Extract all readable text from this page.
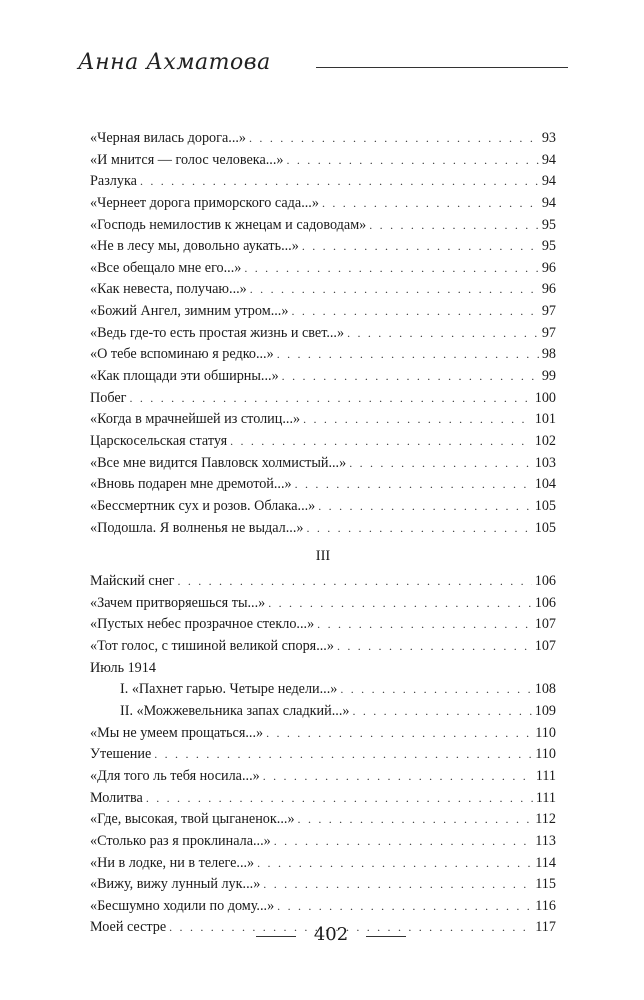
Анна Ахматова
«Черная вилась дорога...» . . .	93
«И мнится — голос человека...» . . .	94
Разлука . . .	94
«Чернеет дорога приморского сада...» . . .	94
«Господь немилостив к жнецам и садоводам» . . .	95
«Не в лесу мы, довольно аукать...» . . .	95
«Все обещало мне его...» . . .	96
«Как невеста, получаю...» . . .	96
«Божий Ангел, зимним утром...» . . .	97
«Ведь где-то есть простая жизнь и свет...» . . .	97
«О тебе вспоминаю я редко...» . . .	98
«Как площади эти обширны...» . . .	99
Побег . . .	100
«Когда в мрачнейшей из столиц...» . . .	101
Царскосельская статуя . . .	102
«Все мне видится Павловск холмистый...» . . .	103
«Вновь подарен мне дремотой...» . . .	104
«Бессмертник сух и розов. Облака...» . . .	105
«Подошла. Я волненья не выдал...» . . .	105
III
Майский снег . . .	106
«Зачем притворяешься ты...» . . .	106
«Пустых небес прозрачное стекло...» . . .	107
«Тот голос, с тишиной великой споря...» . . .	107
Июль 1914
I. «Пахнет гарью. Четыре недели...» . . .	108
II. «Можжевельника запах сладкий...» . . .	109
«Мы не умеем прощаться...» . . .	110
Утешение . . .	110
«Для того ль тебя носила...» . . .	111
Молитва . . .	111
«Где, высокая, твой цыганенок...» . . .	112
«Столько раз я проклинала...» . . .	113
«Ни в лодке, ни в телеге...» . . .	114
«Вижу, вижу лунный лук...» . . .	115
«Бесшумно ходили по дому...» . . .	116
Моей сестре . . .	117
402
